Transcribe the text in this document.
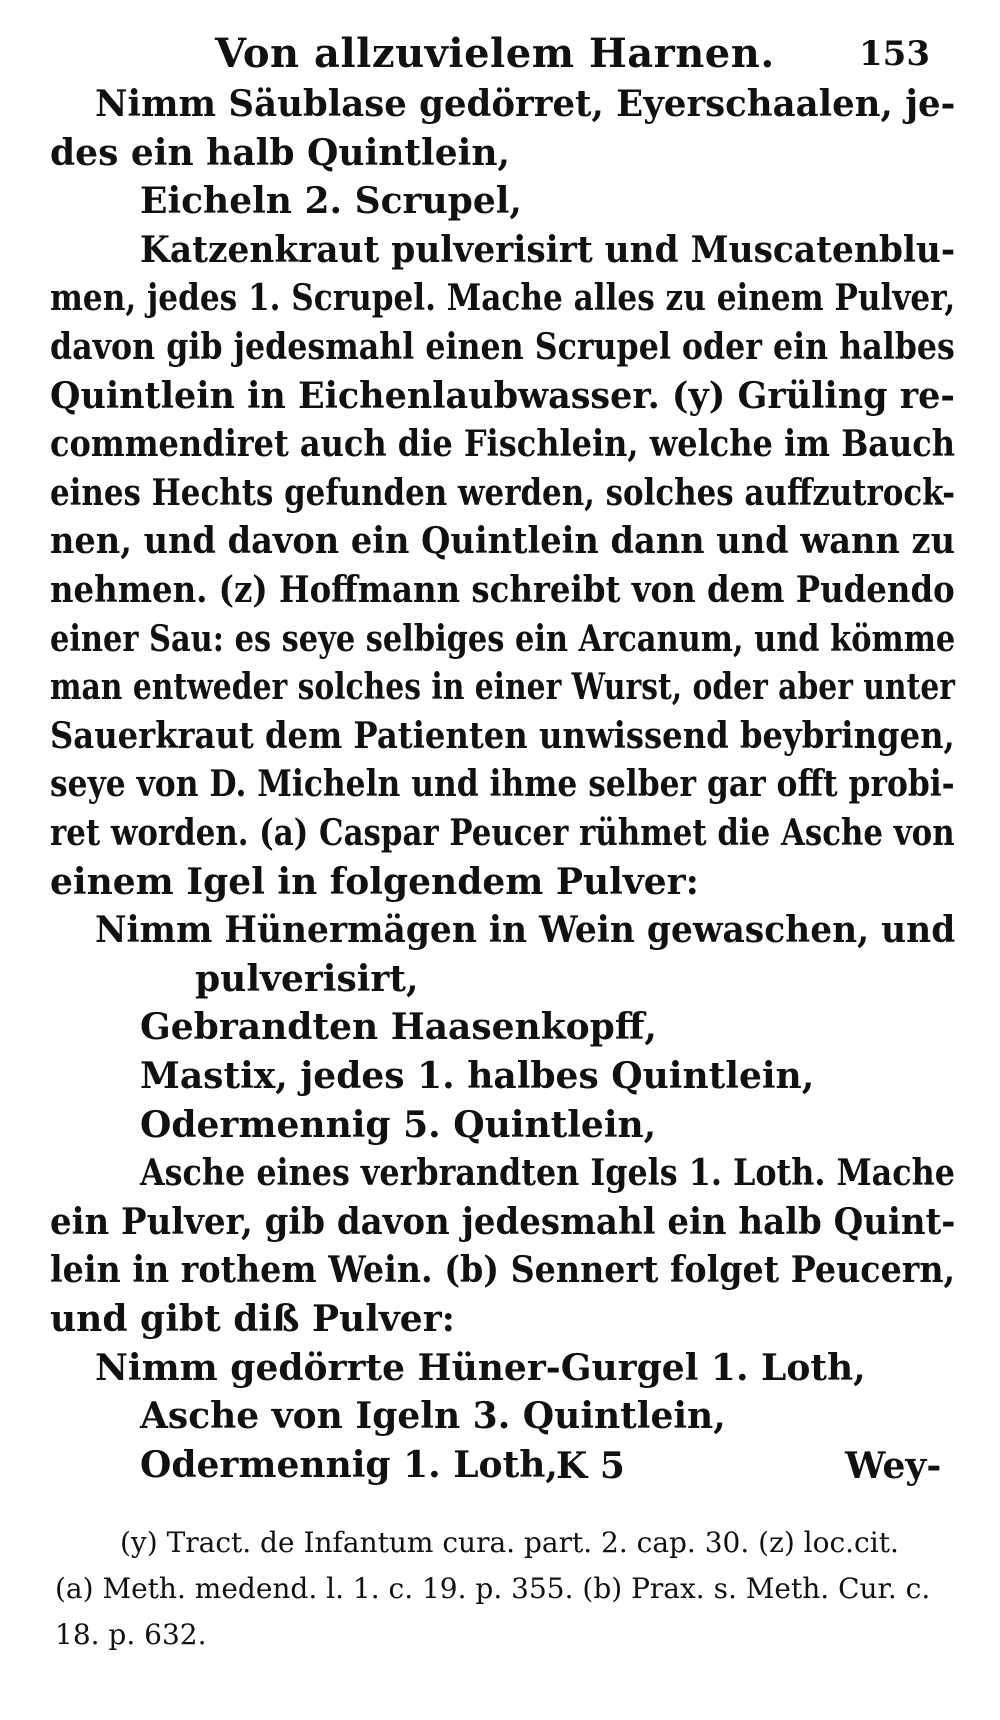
Von allzuvielem Harnen. 153
Nimm Säublase gedörret, Eyerschaalen, je-
des ein halb Quintlein,
Eicheln 2. Scrupel,
Katzenkraut pulverisirt und Muscatenblu-
men, jedes 1. Scrupel. Mache alles zu einem Pulver,
davon gib jedesmahl einen Scrupel oder ein halbes
Quintlein in Eichenlaubwasser. (y) Grüling re-
commendiret auch die Fischlein, welche im Bauch
eines Hechts gefunden werden, solches auffzutrock-
nen, und davon ein Quintlein dann und wann zu
nehmen. (z) Hoffmann schreibt von dem Pudendo
einer Sau: es seye selbiges ein Arcanum, und kömme
man entweder solches in einer Wurst, oder aber unter
Sauerkraut dem Patienten unwissend beybringen,
seye von D. Micheln und ihme selber gar offt probi-
ret worden. (a) Caspar Peucer rühmet die Asche von
einem Igel in folgendem Pulver:
Nimm Hünermägen in Wein gewaschen, und
pulverisirt,
Gebrandten Haasenkopff,
Mastix, jedes 1. halbes Quintlein,
Odermennig 5. Quintlein,
Asche eines verbrandten Igels 1. Loth. Mache
ein Pulver, gib davon jedesmahl ein halb Quint-
lein in rothem Wein. (b) Sennert folget Peucern,
und gibt diß Pulver:
Nimm gedörrte Hüner-Gurgel 1. Loth,
Asche von Igeln 3. Quintlein,
Odermennig 1. Loth,
K 5	Wey-
(y) Tract. de Infantum cura. part. 2. cap. 30. (z) loc.cit.
(a) Meth. medend. l. 1. c. 19. p. 355. (b) Prax. s. Meth. Cur. c.
18. p. 632.
